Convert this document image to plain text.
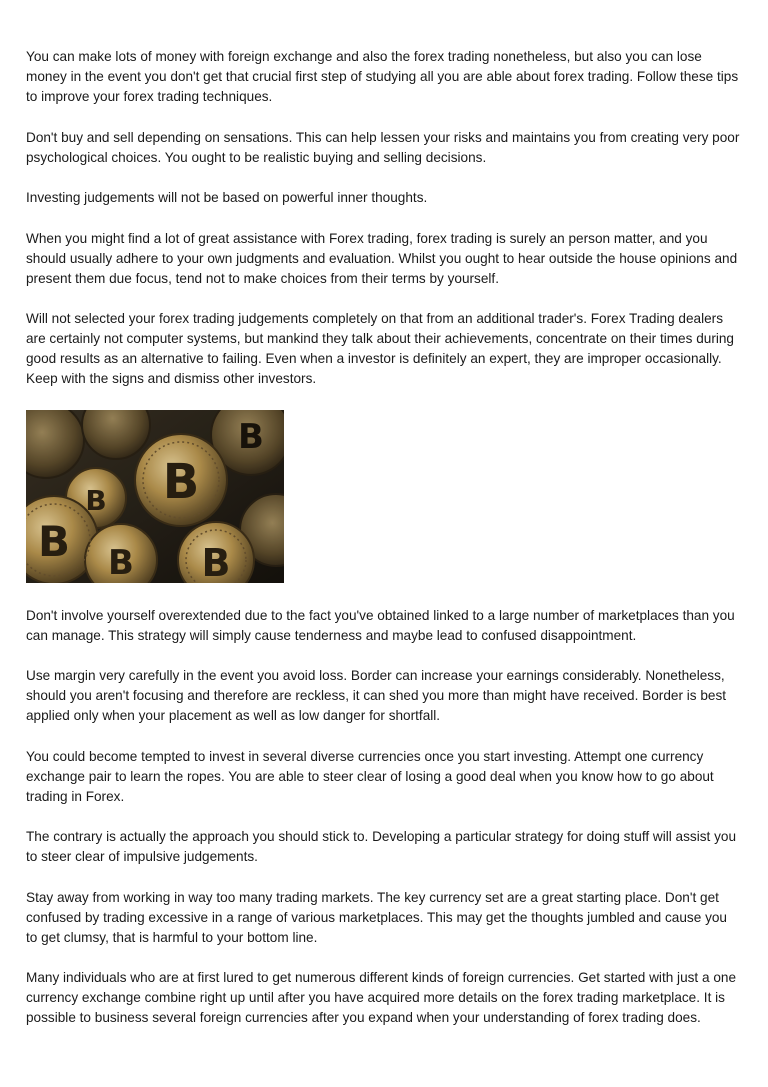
You can make lots of money with foreign exchange and also the forex trading nonetheless, but also you can lose money in the event you don't get that crucial first step of studying all you are able about forex trading. Follow these tips to improve your forex trading techniques.

Don't buy and sell depending on sensations. This can help lessen your risks and maintains you from creating very poor psychological choices. You ought to be realistic buying and selling decisions.

Investing judgements will not be based on powerful inner thoughts.

When you might find a lot of great assistance with Forex trading, forex trading is surely an person matter, and you should usually adhere to your own judgments and evaluation. Whilst you ought to hear outside the house opinions and present them due focus, tend not to make choices from their terms by yourself.

Will not selected your forex trading judgements completely on that from an additional trader's. Forex Trading dealers are certainly not computer systems, but mankind they talk about their achievements, concentrate on their times during good results as an alternative to failing. Even when a investor is definitely an expert, they are improper occasionally. Keep with the signs and dismiss other investors.

B
B B B
B
B

Don't involve yourself overextended due to the fact you've obtained linked to a large number of marketplaces than you can manage. This strategy will simply cause tenderness and maybe lead to confused disappointment.

Use margin very carefully in the event you avoid loss. Border can increase your earnings considerably. Nonetheless, should you aren't focusing and therefore are reckless, it can shed you more than might have received. Border is best applied only when your placement as well as low danger for shortfall.

You could become tempted to invest in several diverse currencies once you start investing. Attempt one currency exchange pair to learn the ropes. You are able to steer clear of losing a good deal when you know how to go about trading in Forex.

The contrary is actually the approach you should stick to. Developing a particular strategy for doing stuff will assist you to steer clear of impulsive judgements.

Stay away from working in way too many trading markets. The key currency set are a great starting place. Don't get confused by trading excessive in a range of various marketplaces. This may get the thoughts jumbled and cause you to get clumsy, that is harmful to your bottom line.

Many individuals who are at first lured to get numerous different kinds of foreign currencies. Get started with just a one currency exchange combine right up until after you have acquired more details on the forex trading marketplace. It is possible to business several foreign currencies after you expand when your understanding of forex trading does.
